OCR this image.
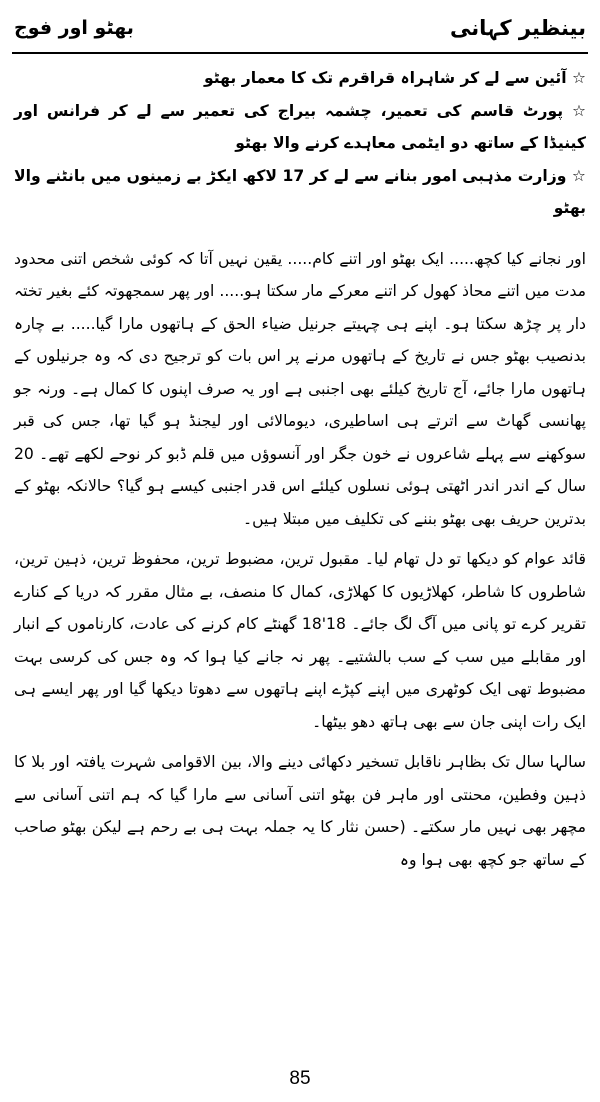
بینظیر کہانی
بھٹو اور فوج

☆ آئین سے لے کر شاہراہ قراقرم تک کا معمار بھٹو

☆ پورٹ قاسم کی تعمیر، چشمہ بیراج کی تعمیر سے لے کر فرانس اور کینیڈا کے ساتھ دو ایٹمی معاہدے کرنے والا بھٹو

☆ وزارت مذہبی امور بنانے سے لے کر 17 لاکھ ایکڑ بے زمینوں میں بانٹنے والا بھٹو

اور نجانے کیا کچھ..... ایک بھٹو اور اتنے کام..... یقین نہیں آتا کہ کوئی شخص اتنی محدود مدت میں اتنے محاذ کھول کر اتنے معرکے مار سکتا ہو..... اور پھر سمجھوتہ کئے بغیر تختہ دار پر چڑھ سکتا ہو۔ اپنے ہی چہیتے جرنیل ضیاء الحق کے ہاتھوں مارا گیا..... بے چارہ بدنصیب بھٹو جس نے تاریخ کے ہاتھوں مرنے پر اس بات کو ترجیح دی کہ وہ جرنیلوں کے ہاتھوں مارا جائے، آج تاریخ کیلئے بھی اجنبی ہے اور یہ صرف اپنوں کا کمال ہے۔ ورنہ جو پھانسی گھاٹ سے اترتے ہی اساطیری، دیومالائی اور لیجنڈ ہو گیا تھا، جس کی قبر سوکھنے سے پہلے شاعروں نے خون جگر اور آنسوؤں میں قلم ڈبو کر نوحے لکھے تھے۔ 20 سال کے اندر اندر اٹھتی ہوئی نسلوں کیلئے اس قدر اجنبی کیسے ہو گیا؟ حالانکہ بھٹو کے بدترین حریف بھی بھٹو بننے کی تکلیف میں مبتلا ہیں۔

قائد عوام کو دیکھا تو دل تھام لیا۔ مقبول ترین، مضبوط ترین، محفوظ ترین، ذہین ترین، شاطروں کا شاطر، کھلاڑیوں کا کھلاڑی، کمال کا منصف، بے مثال مقرر کہ دریا کے کنارے تقریر کرے تو پانی میں آگ لگ جائے۔ 18'18 گھنٹے کام کرنے کی عادت، کارناموں کے انبار اور مقابلے میں سب کے سب بالشتیے۔ پھر نہ جانے کیا ہوا کہ وہ جس کی کرسی بہت مضبوط تھی ایک کوٹھری میں اپنے کپڑے اپنے ہاتھوں سے دھوتا دیکھا گیا اور پھر ایسے ہی ایک رات اپنی جان سے بھی ہاتھ دھو بیٹھا۔

سالہا سال تک بظاہر ناقابل تسخیر دکھائی دینے والا، بین الاقوامی شہرت یافتہ اور بلا کا ذہین وفطین، محنتی اور ماہر فن بھٹو اتنی آسانی سے مارا گیا کہ ہم اتنی آسانی سے مچھر بھی نہیں مار سکتے۔ (حسن نثار کا یہ جملہ بہت ہی بے رحم ہے لیکن بھٹو صاحب کے ساتھ جو کچھ بھی ہوا وہ

85
